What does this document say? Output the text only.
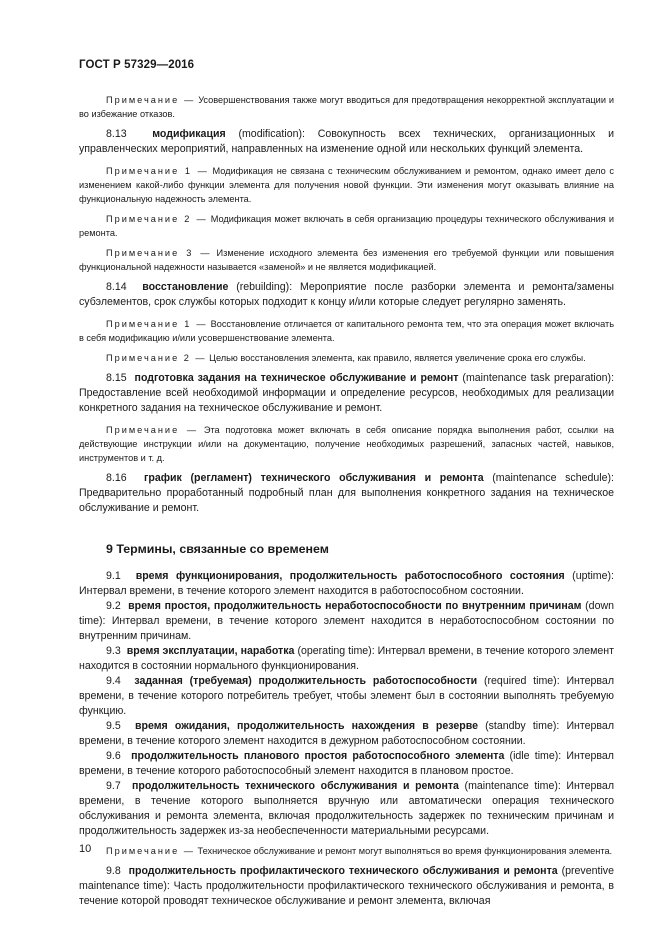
ГОСТ Р 57329—2016

Примечание — Усовершенствования также могут вводиться для предотвращения некорректной эксплуатации и во избежание отказов.

8.13 модификация (modification): Совокупность всех технических, организационных и управленческих мероприятий, направленных на изменение одной или нескольких функций элемента.

Примечание 1 — Модификация не связана с техническим обслуживанием и ремонтом, однако имеет дело с изменением какой-либо функции элемента для получения новой функции. Эти изменения могут оказывать влияние на функциональную надежность элемента.

Примечание 2 — Модификация может включать в себя организацию процедуры технического обслуживания и ремонта.

Примечание 3 — Изменение исходного элемента без изменения его требуемой функции или повышения функциональной надежности называется «заменой» и не является модификацией.

8.14 восстановление (rebuilding): Мероприятие после разборки элемента и ремонта/замены субэлементов, срок службы которых подходит к концу и/или которые следует регулярно заменять.

Примечание 1 — Восстановление отличается от капитального ремонта тем, что эта операция может включать в себя модификацию и/или усовершенствование элемента.

Примечание 2 — Целью восстановления элемента, как правило, является увеличение срока его службы.

8.15 подготовка задания на техническое обслуживание и ремонт (maintenance task preparation): Предоставление всей необходимой информации и определение ресурсов, необходимых для реализации конкретного задания на техническое обслуживание и ремонт.

Примечание — Эта подготовка может включать в себя описание порядка выполнения работ, ссылки на действующие инструкции и/или на документацию, получение необходимых разрешений, запасных частей, навыков, инструментов и т. д.

8.16 график (регламент) технического обслуживания и ремонта (maintenance schedule): Предварительно проработанный подробный план для выполнения конкретного задания на техническое обслуживание и ремонт.

9 Термины, связанные со временем

9.1 время функционирования, продолжительность работоспособного состояния (uptime): Интервал времени, в течение которого элемент находится в работоспособном состоянии.

9.2 время простоя, продолжительность неработоспособности по внутренним причинам (down time): Интервал времени, в течение которого элемент находится в неработоспособном состоянии по внутренним причинам.

9.3 время эксплуатации, наработка (operating time): Интервал времени, в течение которого элемент находится в состоянии нормального функционирования.

9.4 заданная (требуемая) продолжительность работоспособности (required time): Интервал времени, в течение которого потребитель требует, чтобы элемент был в состоянии выполнять требуемую функцию.

9.5 время ожидания, продолжительность нахождения в резерве (standby time): Интервал времени, в течение которого элемент находится в дежурном работоспособном состоянии.

9.6 продолжительность планового простоя работоспособного элемента (idle time): Интервал времени, в течение которого работоспособный элемент находится в плановом простое.

9.7 продолжительность технического обслуживания и ремонта (maintenance time): Интервал времени, в течение которого выполняется вручную или автоматически операция технического обслуживания и ремонта элемента, включая продолжительность задержек по техническим причинам и продолжительность задержек из-за необеспеченности материальными ресурсами.

Примечание — Техническое обслуживание и ремонт могут выполняться во время функционирования элемента.

9.8 продолжительность профилактического технического обслуживания и ремонта (preventive maintenance time): Часть продолжительности профилактического технического обслуживания и ремонта, в течение которой проводят техническое обслуживание и ремонт элемента, включая

10
